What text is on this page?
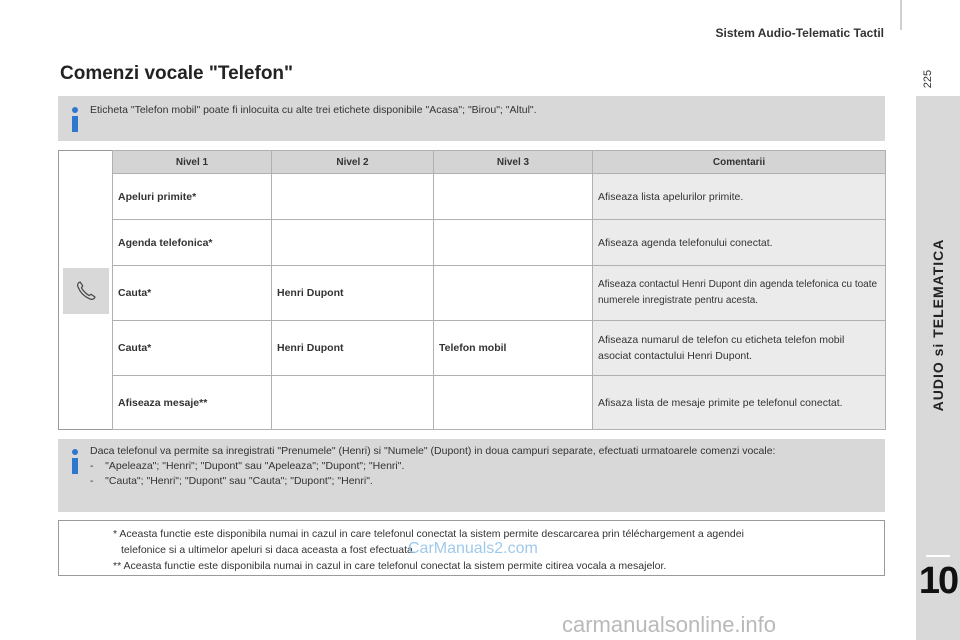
Sistem Audio-Telematic Tactil
225
AUDIO si TELEMATICA
10
Comenzi vocale "Telefon"
Eticheta "Telefon mobil" poate fi inlocuita cu alte trei etichete disponibile "Acasa"; "Birou"; "Altul".
Nivel 1	Nivel 2	Nivel 3	Comentarii
Apeluri primite*			Afiseaza lista apelurilor primite.
Agenda telefonica*			Afiseaza agenda telefonului conectat.
Cauta*	Henri Dupont		Afiseaza contactul Henri Dupont din agenda telefonica cu toate numerele inregistrate pentru acesta.
Cauta*	Henri Dupont	Telefon mobil	Afiseaza numarul de telefon cu eticheta telefon mobil asociat contactului Henri Dupont.
Afiseaza mesaje**			Afisaza lista de mesaje primite pe telefonul conectat.
Daca telefonul va permite sa inregistrati "Prenumele" (Henri) si "Numele" (Dupont) in doua campuri separate, efectuati urmatoarele comenzi vocale:
-    "Apeleaza"; "Henri"; "Dupont" sau "Apeleaza"; "Dupont"; "Henri".
-    "Cauta"; "Henri"; "Dupont" sau "Cauta"; "Dupont"; "Henri".
* Aceasta functie este disponibila numai in cazul in care telefonul conectat la sistem permite descarcarea prin téléchargement a agendei
telefonice si a ultimelor apeluri si daca aceasta a fost efectuata.
** Aceasta functie este disponibila numai in cazul in care telefonul conectat la sistem permite citirea vocala a mesajelor.
CarManuals2.com
carmanualsonline.info
